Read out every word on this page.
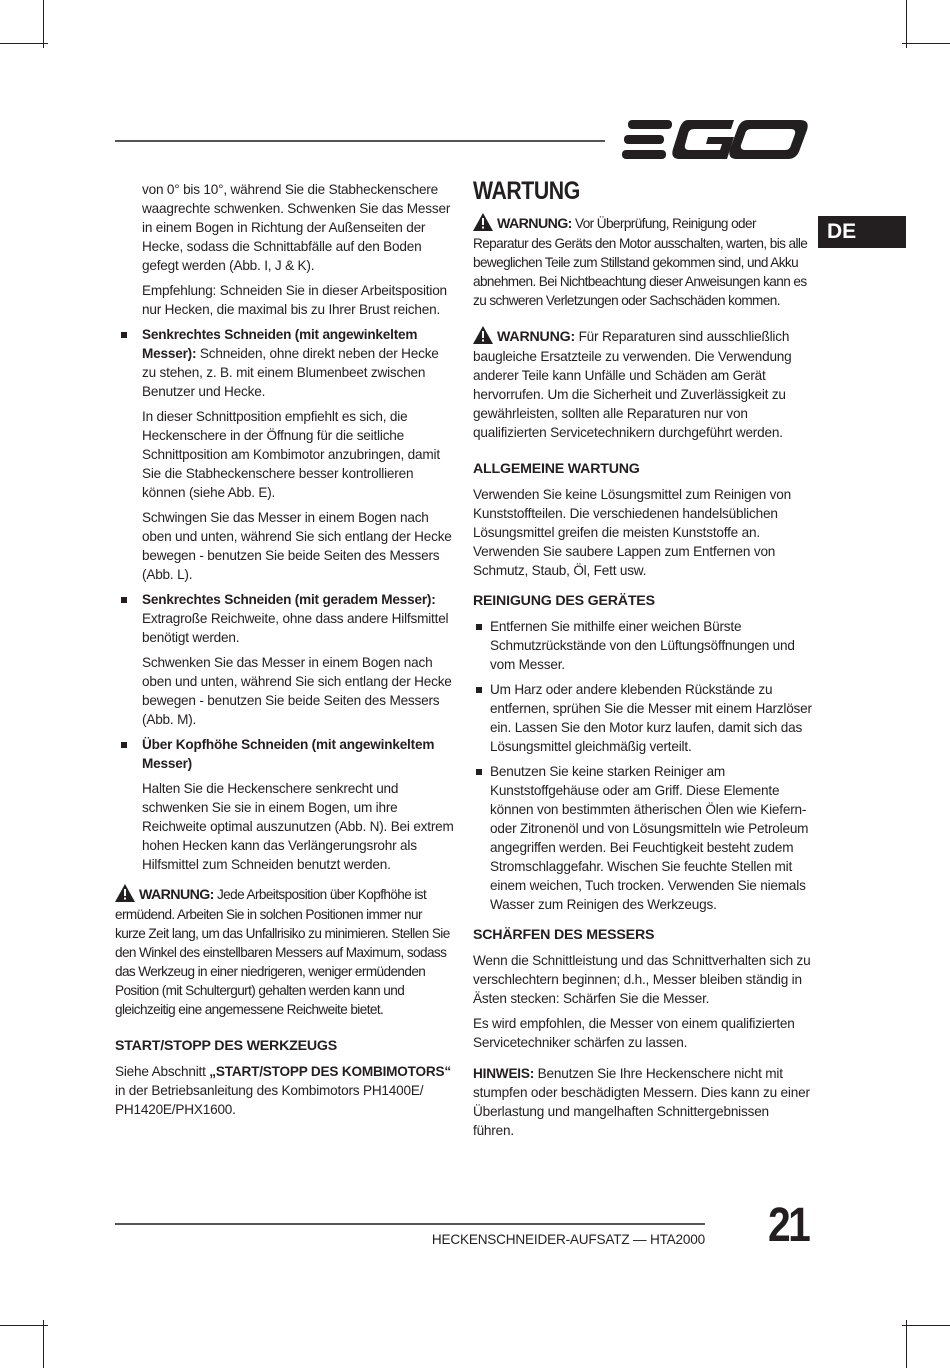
DE

von 0° bis 10°, während Sie die Stabheckenschere waagrechte schwenken. Schwenken Sie das Messer in einem Bogen in Richtung der Außenseiten der Hecke, sodass die Schnittabfälle auf den Boden gefegt werden (Abb. I, J & K).

Empfehlung: Schneiden Sie in dieser Arbeitsposition nur Hecken, die maximal bis zu Ihrer Brust reichen.

Senkrechtes Schneiden (mit angewinkeltem Messer): Schneiden, ohne direkt neben der Hecke zu stehen, z. B. mit einem Blumenbeet zwischen Benutzer und Hecke.

In dieser Schnittposition empfiehlt es sich, die Heckenschere in der Öffnung für die seitliche Schnittposition am Kombimotor anzubringen, damit Sie die Stabheckenschere besser kontrollieren können (siehe Abb. E).

Schwingen Sie das Messer in einem Bogen nach oben und unten, während Sie sich entlang der Hecke bewegen - benutzen Sie beide Seiten des Messers (Abb. L).

Senkrechtes Schneiden (mit geradem Messer): Extragroße Reichweite, ohne dass andere Hilfsmittel benötigt werden.

Schwenken Sie das Messer in einem Bogen nach oben und unten, während Sie sich entlang der Hecke bewegen - benutzen Sie beide Seiten des Messers (Abb. M).

Über Kopfhöhe Schneiden (mit angewinkeltem Messer)

Halten Sie die Heckenschere senkrecht und schwenken Sie sie in einem Bogen, um ihre Reichweite optimal auszunutzen (Abb. N). Bei extrem hohen Hecken kann das Verlängerungsrohr als Hilfsmittel zum Schneiden benutzt werden.

WARNUNG: Jede Arbeitsposition über Kopfhöhe ist ermüdend. Arbeiten Sie in solchen Positionen immer nur kurze Zeit lang, um das Unfallrisiko zu minimieren. Stellen Sie den Winkel des einstellbaren Messers auf Maximum, sodass das Werkzeug in einer niedrigeren, weniger ermüdenden Position (mit Schultergurt) gehalten werden kann und gleichzeitig eine angemessene Reichweite bietet.

START/STOPP DES WERKZEUGS

Siehe Abschnitt „START/STOPP DES KOMBIMOTORS“ in der Betriebsanleitung des Kombimotors PH1400E/ PH1420E/PHX1600.

WARTUNG

WARNUNG: Vor Überprüfung, Reinigung oder Reparatur des Geräts den Motor ausschalten, warten, bis alle beweglichen Teile zum Stillstand gekommen sind, und Akku abnehmen. Bei Nichtbeachtung dieser Anweisungen kann es zu schweren Verletzungen oder Sachschäden kommen.

WARNUNG: Für Reparaturen sind ausschließlich baugleiche Ersatzteile zu verwenden. Die Verwendung anderer Teile kann Unfälle und Schäden am Gerät hervorrufen. Um die Sicherheit und Zuverlässigkeit zu gewährleisten, sollten alle Reparaturen nur von qualifizierten Servicetechnikern durchgeführt werden.

ALLGEMEINE WARTUNG

Verwenden Sie keine Lösungsmittel zum Reinigen von Kunststoffteilen. Die verschiedenen handelsüblichen Lösungsmittel greifen die meisten Kunststoffe an. Verwenden Sie saubere Lappen zum Entfernen von Schmutz, Staub, Öl, Fett usw.

REINIGUNG DES GERÄTES
Entfernen Sie mithilfe einer weichen Bürste Schmutzrückstände von den Lüftungsöffnungen und vom Messer.
Um Harz oder andere klebenden Rückstände zu entfernen, sprühen Sie die Messer mit einem Harzlöser ein. Lassen Sie den Motor kurz laufen, damit sich das Lösungsmittel gleichmäßig verteilt.
Benutzen Sie keine starken Reiniger am Kunststoffgehäuse oder am Griff. Diese Elemente können von bestimmten ätherischen Ölen wie Kiefern- oder Zitronenöl und von Lösungsmitteln wie Petroleum angegriffen werden. Bei Feuchtigkeit besteht zudem Stromschlaggefahr. Wischen Sie feuchte Stellen mit einem weichen, Tuch trocken. Verwenden Sie niemals Wasser zum Reinigen des Werkzeugs.
SCHÄRFEN DES MESSERS

Wenn die Schnittleistung und das Schnittverhalten sich zu verschlechtern beginnen; d.h., Messer bleiben ständig in Ästen stecken: Schärfen Sie die Messer.

Es wird empfohlen, die Messer von einem qualifizierten Servicetechniker schärfen zu lassen.

HINWEIS: Benutzen Sie Ihre Heckenschere nicht mit stumpfen oder beschädigten Messern. Dies kann zu einer Überlastung und mangelhaften Schnittergebnissen führen.

HECKENSCHNEIDER-AUFSATZ — HTA2000 21
